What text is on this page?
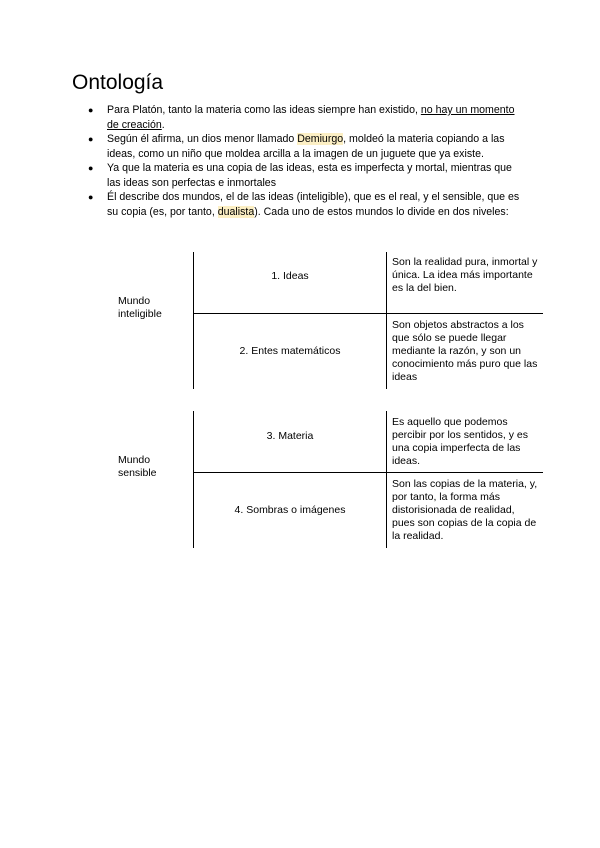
Ontología

● Para Platón, tanto la materia como las ideas siempre han existido, no hay un momento de creación.

● Según él afirma, un dios menor llamado Demiurgo, moldeó la materia copiando a las ideas, como un niño que moldea arcilla a la imagen de un juguete que ya existe.

● Ya que la materia es una copia de las ideas, esta es imperfecta y mortal, mientras que las ideas son perfectas e inmortales

● Él describe dos mundos, el de las ideas (inteligible), que es el real, y el sensible, que es su copia (es, por tanto, dualista). Cada uno de estos mundos lo divide en dos niveles:

Mundo inteligible
1. Ideas
Son la realidad pura, inmortal y única. La idea más importante es la del bien.
2. Entes matemáticos
Son objetos abstractos a los que sólo se puede llegar mediante la razón, y son un conocimiento más puro que las ideas
Mundo sensible
3. Materia
Es aquello que podemos percibir por los sentidos, y es una copia imperfecta de las ideas.
4. Sombras o imágenes
Son las copias de la materia, y, por tanto, la forma más distorisionada de realidad, pues son copias de la copia de la realidad.
